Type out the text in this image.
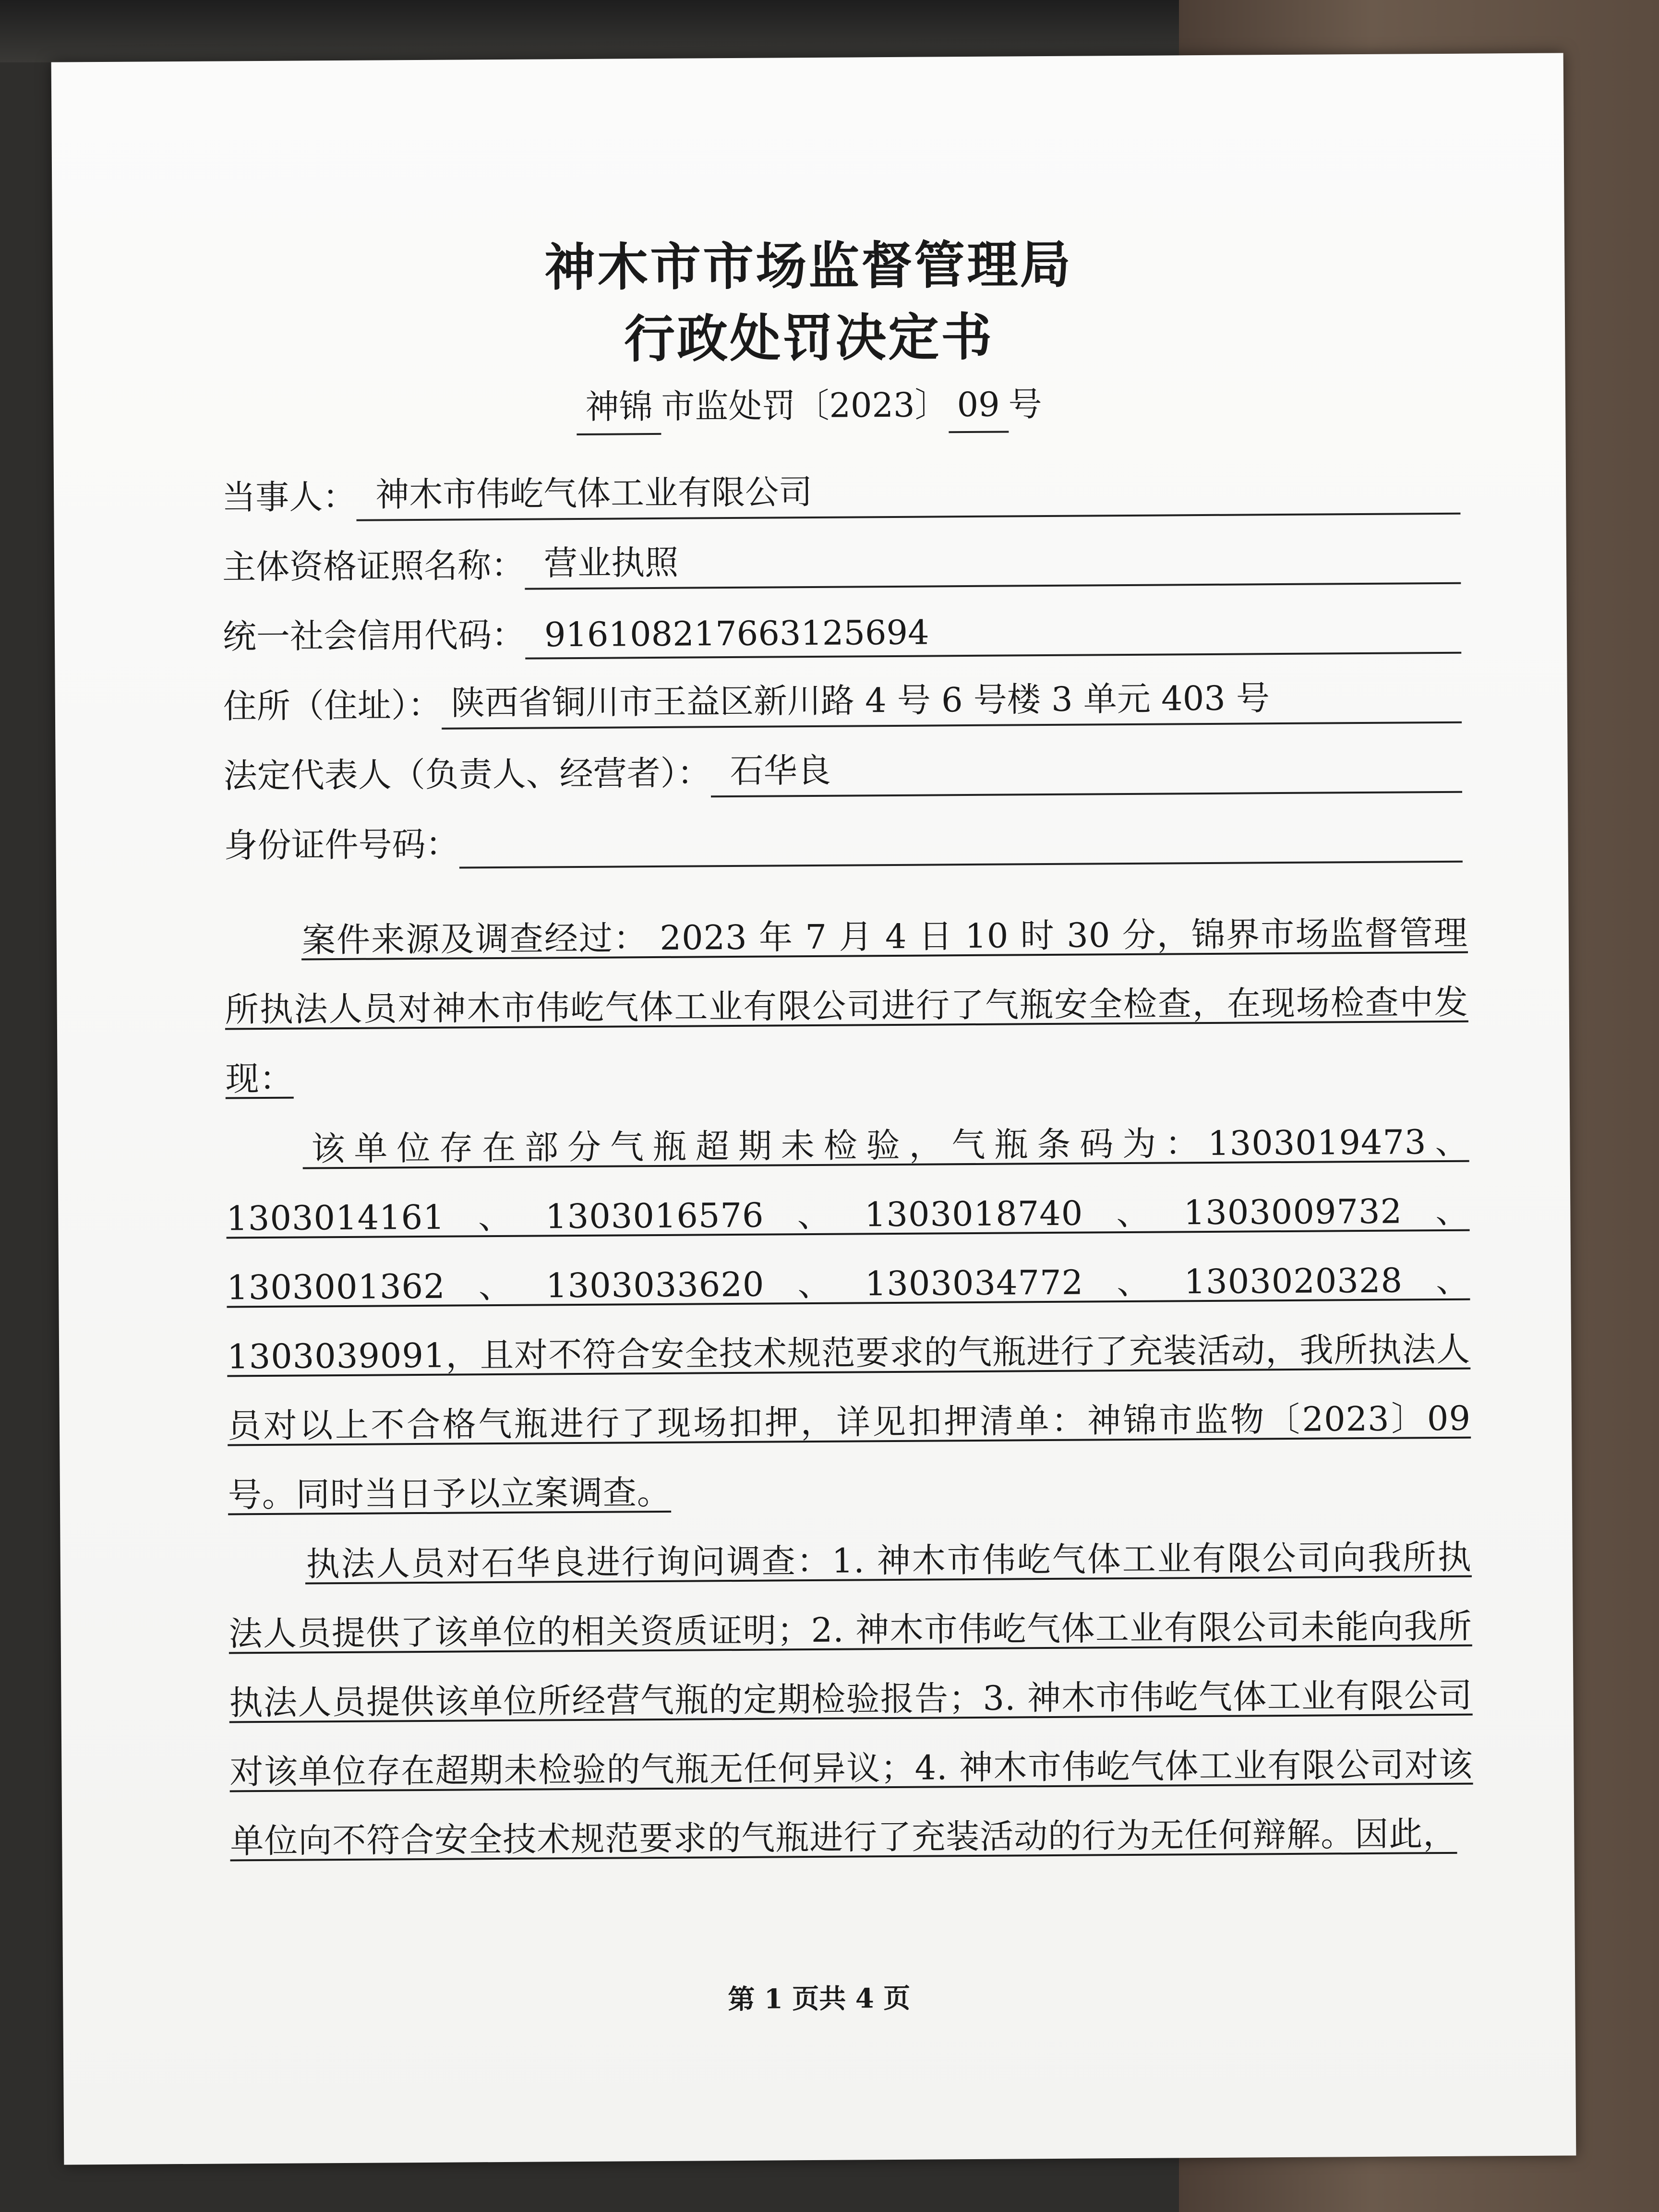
神木市市场监督管理局
行政处罚决定书
神锦 市监处罚〔2023〕 09 号
当事人： 神木市伟屹气体工业有限公司
主体资格证照名称： 营业执照
统一社会信用代码： 916108217663125694
住所（住址）： 陕西省铜川市王益区新川路 4 号 6 号楼 3 单元 403 号
法定代表人（负责人、经营者）： 石华良
身份证件号码：
案件来源及调查经过： 2023 年 7 月 4 日 10 时 30 分，锦界市场监督管理所执法人员对神木市伟屹气体工业有限公司进行了气瓶安全检查，在现场检查中发现：
该单位存在部分气瓶超期未检验，气瓶条码为：1303019473、1303014161、1303016576、1303018740、1303009732、1303001362、1303033620、1303034772、1303020328、1303039091，且对不符合安全技术规范要求的气瓶进行了充装活动，我所执法人员对以上不合格气瓶进行了现场扣押，详见扣押清单：神锦市监物〔2023〕09 号。同时当日予以立案调查。
执法人员对石华良进行询问调查：1. 神木市伟屹气体工业有限公司向我所执法人员提供了该单位的相关资质证明；2. 神木市伟屹气体工业有限公司未能向我所执法人员提供该单位所经营气瓶的定期检验报告；3. 神木市伟屹气体工业有限公司对该单位存在超期未检验的气瓶无任何异议；4. 神木市伟屹气体工业有限公司对该单位向不符合安全技术规范要求的气瓶进行了充装活动的行为无任何辩解。因此，
第 1 页共 4 页
